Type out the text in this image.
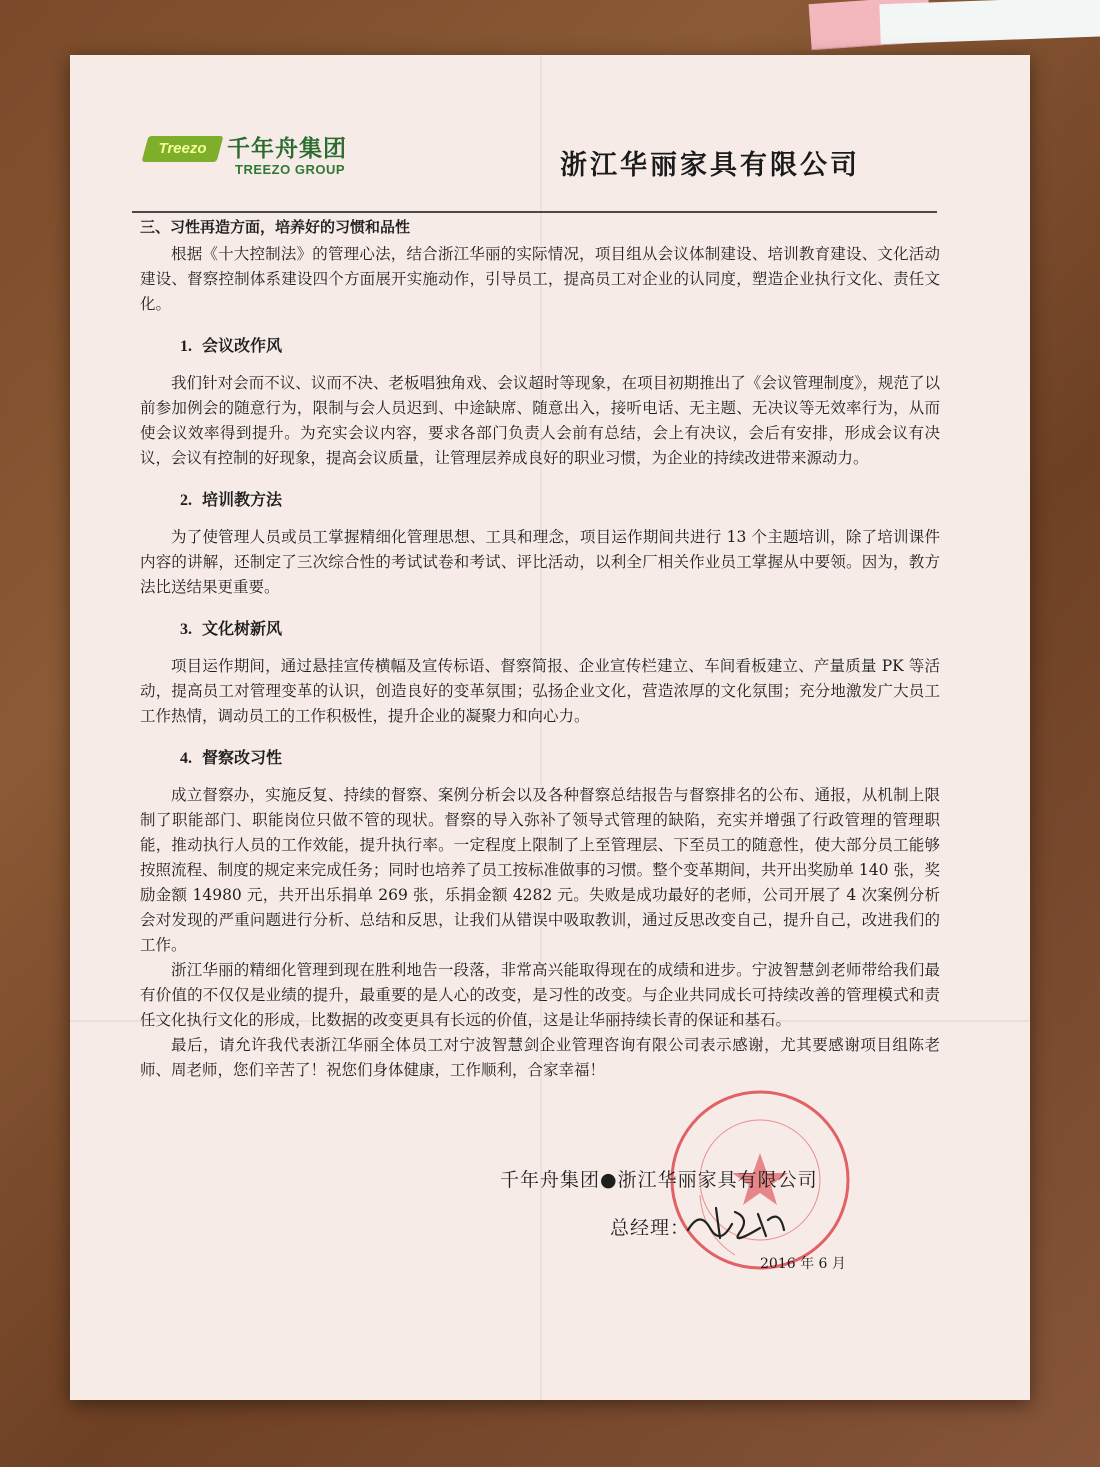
Treezo 千年舟集团
TREEZO GROUP	浙江华丽家具有限公司
三、习性再造方面，培养好的习惯和品性

根据《十大控制法》的管理心法，结合浙江华丽的实际情况，项目组从会议体制建设、培训教育建设、文化活动建设、督察控制体系建设四个方面展开实施动作，引导员工，提高员工对企业的认同度，塑造企业执行文化、责任文化。

1. 会议改作风

我们针对会而不议、议而不决、老板唱独角戏、会议超时等现象，在项目初期推出了《会议管理制度》，规范了以前参加例会的随意行为，限制与会人员迟到、中途缺席、随意出入，接听电话、无主题、无决议等无效率行为，从而使会议效率得到提升。为充实会议内容，要求各部门负责人会前有总结，会上有决议，会后有安排，形成会议有决议，会议有控制的好现象，提高会议质量，让管理层养成良好的职业习惯，为企业的持续改进带来源动力。

2. 培训教方法

为了使管理人员或员工掌握精细化管理思想、工具和理念，项目运作期间共进行 13 个主题培训，除了培训课件内容的讲解，还制定了三次综合性的考试试卷和考试、评比活动，以利全厂相关作业员工掌握从中要领。因为，教方法比送结果更重要。

3. 文化树新风

项目运作期间，通过悬挂宣传横幅及宣传标语、督察简报、企业宣传栏建立、车间看板建立、产量质量 PK 等活动，提高员工对管理变革的认识，创造良好的变革氛围；弘扬企业文化，营造浓厚的文化氛围；充分地激发广大员工工作热情，调动员工的工作积极性，提升企业的凝聚力和向心力。

4. 督察改习性

成立督察办，实施反复、持续的督察、案例分析会以及各种督察总结报告与督察排名的公布、通报，从机制上限制了职能部门、职能岗位只做不管的现状。督察的导入弥补了领导式管理的缺陷，充实并增强了行政管理的管理职能，推动执行人员的工作效能，提升执行率。一定程度上限制了上至管理层、下至员工的随意性，使大部分员工能够按照流程、制度的规定来完成任务；同时也培养了员工按标准做事的习惯。整个变革期间，共开出奖励单 140 张，奖励金额 14980 元，共开出乐捐单 269 张，乐捐金额 4282 元。失败是成功最好的老师，公司开展了 4 次案例分析会对发现的严重问题进行分析、总结和反思，让我们从错误中吸取教训，通过反思改变自己，提升自己，改进我们的工作。

浙江华丽的精细化管理到现在胜利地告一段落，非常高兴能取得现在的成绩和进步。宁波智慧剑老师带给我们最有价值的不仅仅是业绩的提升，最重要的是人心的改变，是习性的改变。与企业共同成长可持续改善的管理模式和责任文化执行文化的形成，比数据的改变更具有长远的价值，这是让华丽持续长青的保证和基石。

最后，请允许我代表浙江华丽全体员工对宁波智慧剑企业管理咨询有限公司表示感谢，尤其要感谢项目组陈老师、周老师，您们辛苦了！祝您们身体健康，工作顺利，合家幸福！

千年舟集团●浙江华丽家具有限公司
总经理：
2016 年 6 月
